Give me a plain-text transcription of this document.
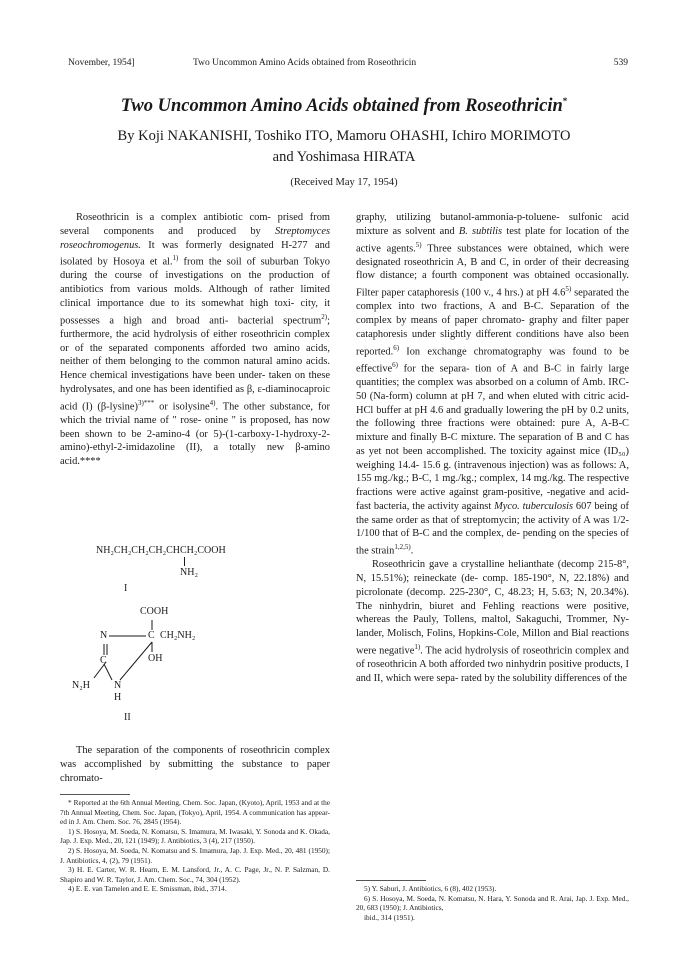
November, 1954]	Two Uncommon Amino Acids obtained from Roseothricin	539
Two Uncommon Amino Acids obtained from Roseothricin*
By Koji NAKANISHI, Toshiko ITO, Mamoru OHASHI, Ichiro MORIMOTO
and Yoshimasa HIRATA
(Received May 17, 1954)

Roseothricin is a complex antibiotic com- prised from several components and produced by Streptomyces roseochromogenus. It was formerly designated H-277 and isolated by Hosoya et al.$^{1)}$ from the soil of suburban Tokyo during the course of investigations on the production of antibiotics from various molds. Although of rather limited clinical importance due to its somewhat high toxi- city, it possesses a high and broad anti- bacterial spectrum$^{2)}$; furthermore, the acid hydrolysis of either roseothricin complex or of the separated components afforded two amino acids, neither of them belonging to the common natural amino acids. Hence chemical investigations have been under- taken on these hydrolysates, and one has been identified as β, ε-diaminocaproic acid (I) $(\beta-lysine)^{3)***}$ or isolysine$^{4)}$. The other substance, for which the trivial name of " rose- onine " is proposed, has now been shown to be 2-amino-4 (or 5)-(1-carboxy-1-hydroxy-2- amino)-ethyl-2-imidazoline (II), a totally new β-amino acid.****

NH₂CH₂CH₂CH₂CHCH₂COOH
NH₂
I
COOH
N	C CH₂NH₂
C	OH
N₂H N
H
II

The separation of the components of roseothricin complex was accomplished by submitting the substance to paper chromato-

graphy, utilizing butanol-ammonia-p-toluene- sulfonic acid mixture as solvent and B. subtilis test plate for location of the active agents.$^{5)}$ Three substances were obtained, which were designated roseothricin A, B and C, in order of their decreasing flow distance; a fourth component was obtained occasionally. Filter paper cataphoresis (100 v., 4 hrs.) at pH 4.6$^{5)}$ separated the complex into two fractions, A and B-C. Separation of the complex by means of paper chromato- graphy and filter paper cataphoresis under slightly different conditions have also been reported.$^{6)}$ Ion exchange chromatography was found to be effective$^{6)}$ for the separa- tion of A and B-C in fairly large quantities; the complex was absorbed on a column of Amb. IRC-50 (Na-form) column at pH 7, and when eluted with citric acid-HCl buffer at pH 4.6 and gradually lowering the pH by 0.2 units, the following three fractions were obtained: pure A, A-B-C mixture and finally B-C mixture. The separation of B and C has as yet not been accomplished. The toxicity against mice (ID₅₀) weighing 14.4- 15.6 g. (intravenous injection) was as follows: A, 155 mg./kg.; B-C, 1 mg./kg.; complex, 14 mg./kg. The respective fractions were active against gram-positive, -negative and acid-fast bacteria, the activity against Myco. tuberculosis 607 being of the same order as that of streptomycin; the activity of A was 1/2-1/100 that of B-C and the complex, de- pending on the species of the strain$^{1,2,5)}$.

Roseothricin gave a crystalline helianthate (decomp 215-8°, N, 15.51%); reineckate (de- comp. 185-190°, N, 22.18%) and picrolonate (decomp. 225-230°, C, 48.23; H, 5.63; N, 20.34%). The ninhydrin, biuret and Fehling reactions were positive, whereas the Pauly, Tollens, maltol, Sakaguchi, Trommer, Ny- lander, Molisch, Folins, Hopkins-Cole, Millon and Bial reactions were negative$^{1)}$. The acid hydrolysis of roseothricin complex and of roseothricin A both afforded two ninhydrin positive products, I and II, which were sepa- rated by the solubility differences of the

* Reported at the 6th Annual Meeting, Chem. Soc. Japan, (Kyoto), April, 1953 and at the 7th Annual Meeting, Chem. Soc. Japan, (Tokyo), April, 1954. A communication has appear- ed in J. Am. Chem. Soc. 76, 2845 (1954).

1) S. Hosoya, M. Soeda, N. Komatsu, S. Imamura, M. Iwasaki, Y. Sonoda and K. Okada, Jap. J. Exp. Med., 20, 121 (1949); J. Antibiotics, 3 (4), 217 (1950).

2) S. Hosoya, M. Soeda, N. Komatsu and S. Imamura, Jap. J. Exp. Med., 20, 481 (1950); J. Antibiotics, 4, (2), 79 (1951).

3) H. E. Carter, W. R. Hearn, E. M. Lansford, Jr., A. C. Page, Jr., N. P. Salzman, D. Shapiro and W. R. Taylor, J. Am. Chem. Soc., 74, 304 (1952).

4) E. E. van Tamelen and E. E. Smissman, ibid., 3714.	5) Y. Saburi, J. Antibiotics, 6 (8), 402 (1953).

6) S. Hosoya, M. Soeda, N. Komatsu, N. Hara, Y. Sonoda and R. Arai, Jap. J. Exp. Med., 20, 683 (1950); J. Antibiotics,

ibid., 314 (1951).
